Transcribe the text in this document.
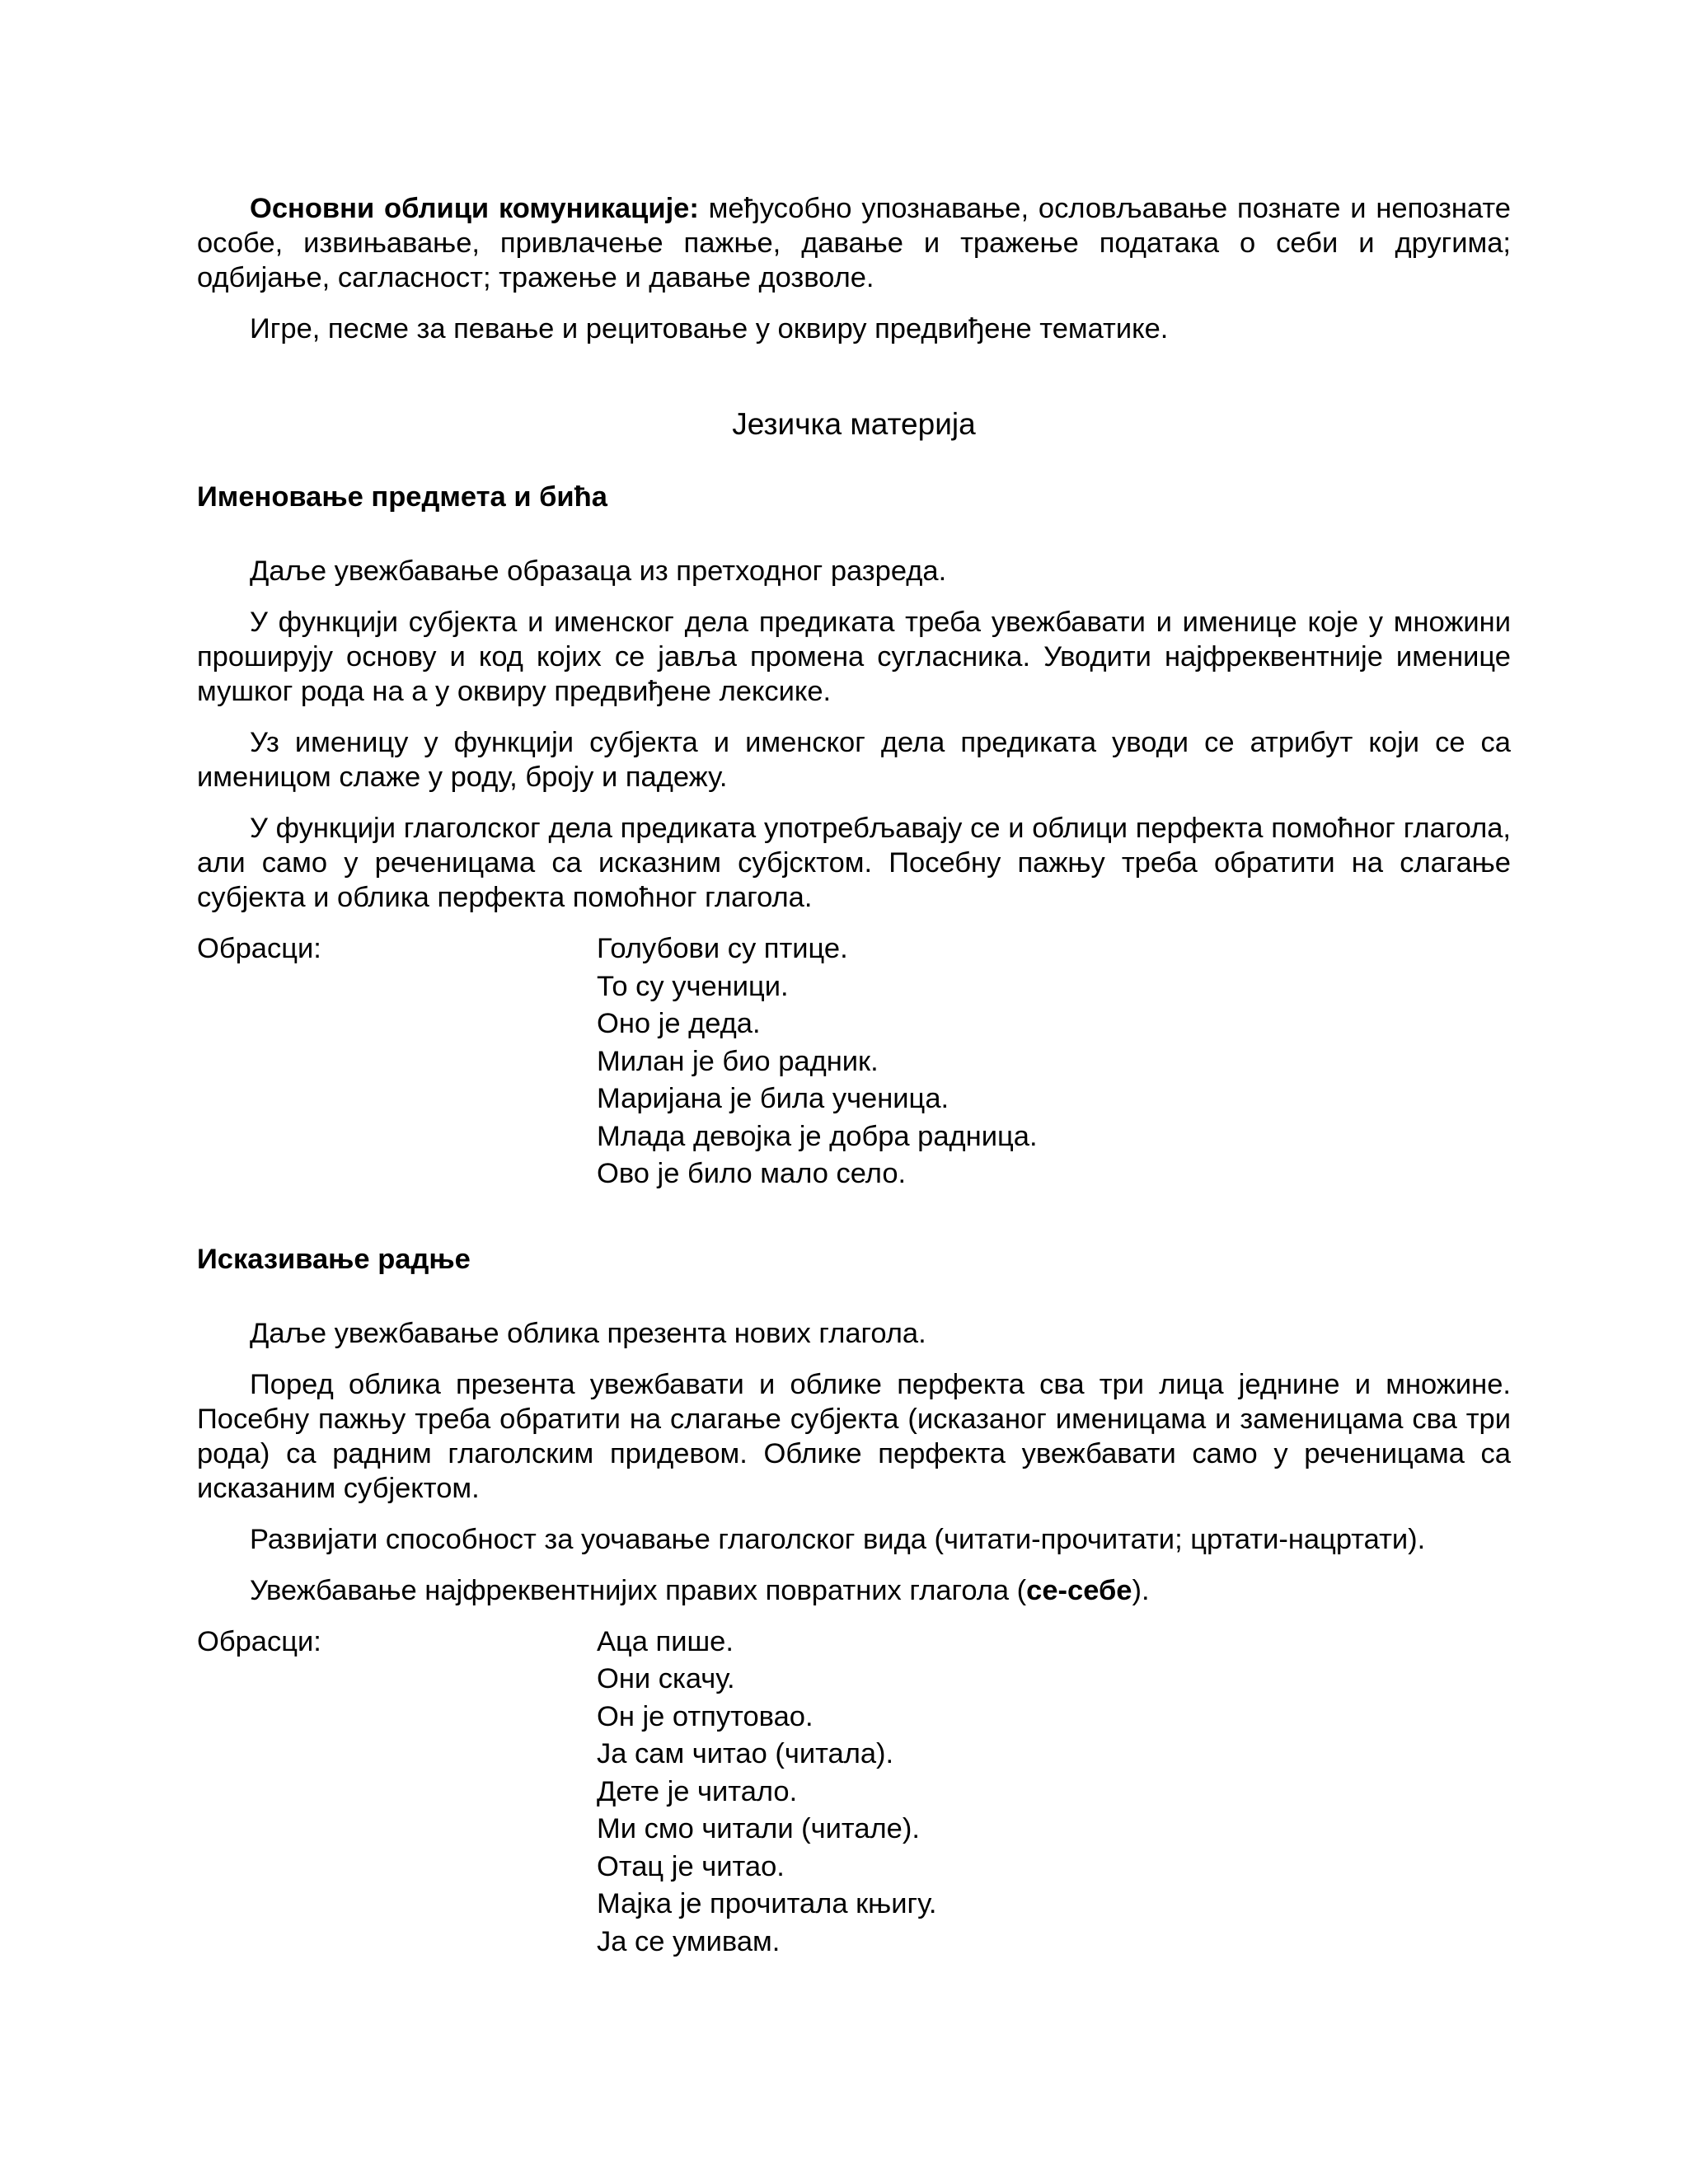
Основни облици комуникације: међусобно упознавање, ословљавање познате и непознате особе, извињавање, привлачење пажње, давање и тражење података о себи и другима; одбијање, сагласност; тражење и давање дозволе.

Игре, песме за певање и рецитовање у оквиру предвиђене тематике.

Језичка материја
Именовање предмета и бића

Даље увежбавање образаца из претходног разреда.

У функцији субјекта и именског дела предиката треба увежбавати и именице које у множини проширују основу и код којих се јавља промена сугласника. Уводити најфреквентније именице мушког рода на а у оквиру предвиђене лексике.

Уз именицу у функцији субјекта и именског дела предиката уводи се атрибут који се са именицом слаже у роду, броју и падежу.

У функцији глаголског дела предиката употребљавају се и облици перфекта помоћног глагола, али само у реченицама са исказним субјсктом. Посебну пажњу треба обратити на слагање субјекта и облика перфекта помоћног глагола.

Обрасци:	Голубови су птице.
То су ученици.
Оно је деда.
Милан је био радник.
Маријана је била ученица.
Млада девојка је добра радница.
Ово је било мало село.
Исказивање радње

Даље увежбавање облика презента нових глагола.

Поред облика презента увежбавати и облике перфекта сва три лица једнине и множине. Посебну пажњу треба обратити на слагање субјекта (исказаног именицама и заменицама сва три рода) са радним глаголским придевом. Облике перфекта увежбавати само у реченицама са исказаним субјектом.

Развијати способност за уочавање глаголског вида (читати-прочитати; цртати-нацртати).

Увежбавање најфреквентнијих правих повратних глагола (се-себе).

Обрасци:	Аца пише.
Они скачу.
Он је отпутовао.
Ја сам читао (читала).
Дете је читало.
Ми смо читали (читале).
Отац је читао.
Мајка је прочитала књигу.
Ја се умивам.
